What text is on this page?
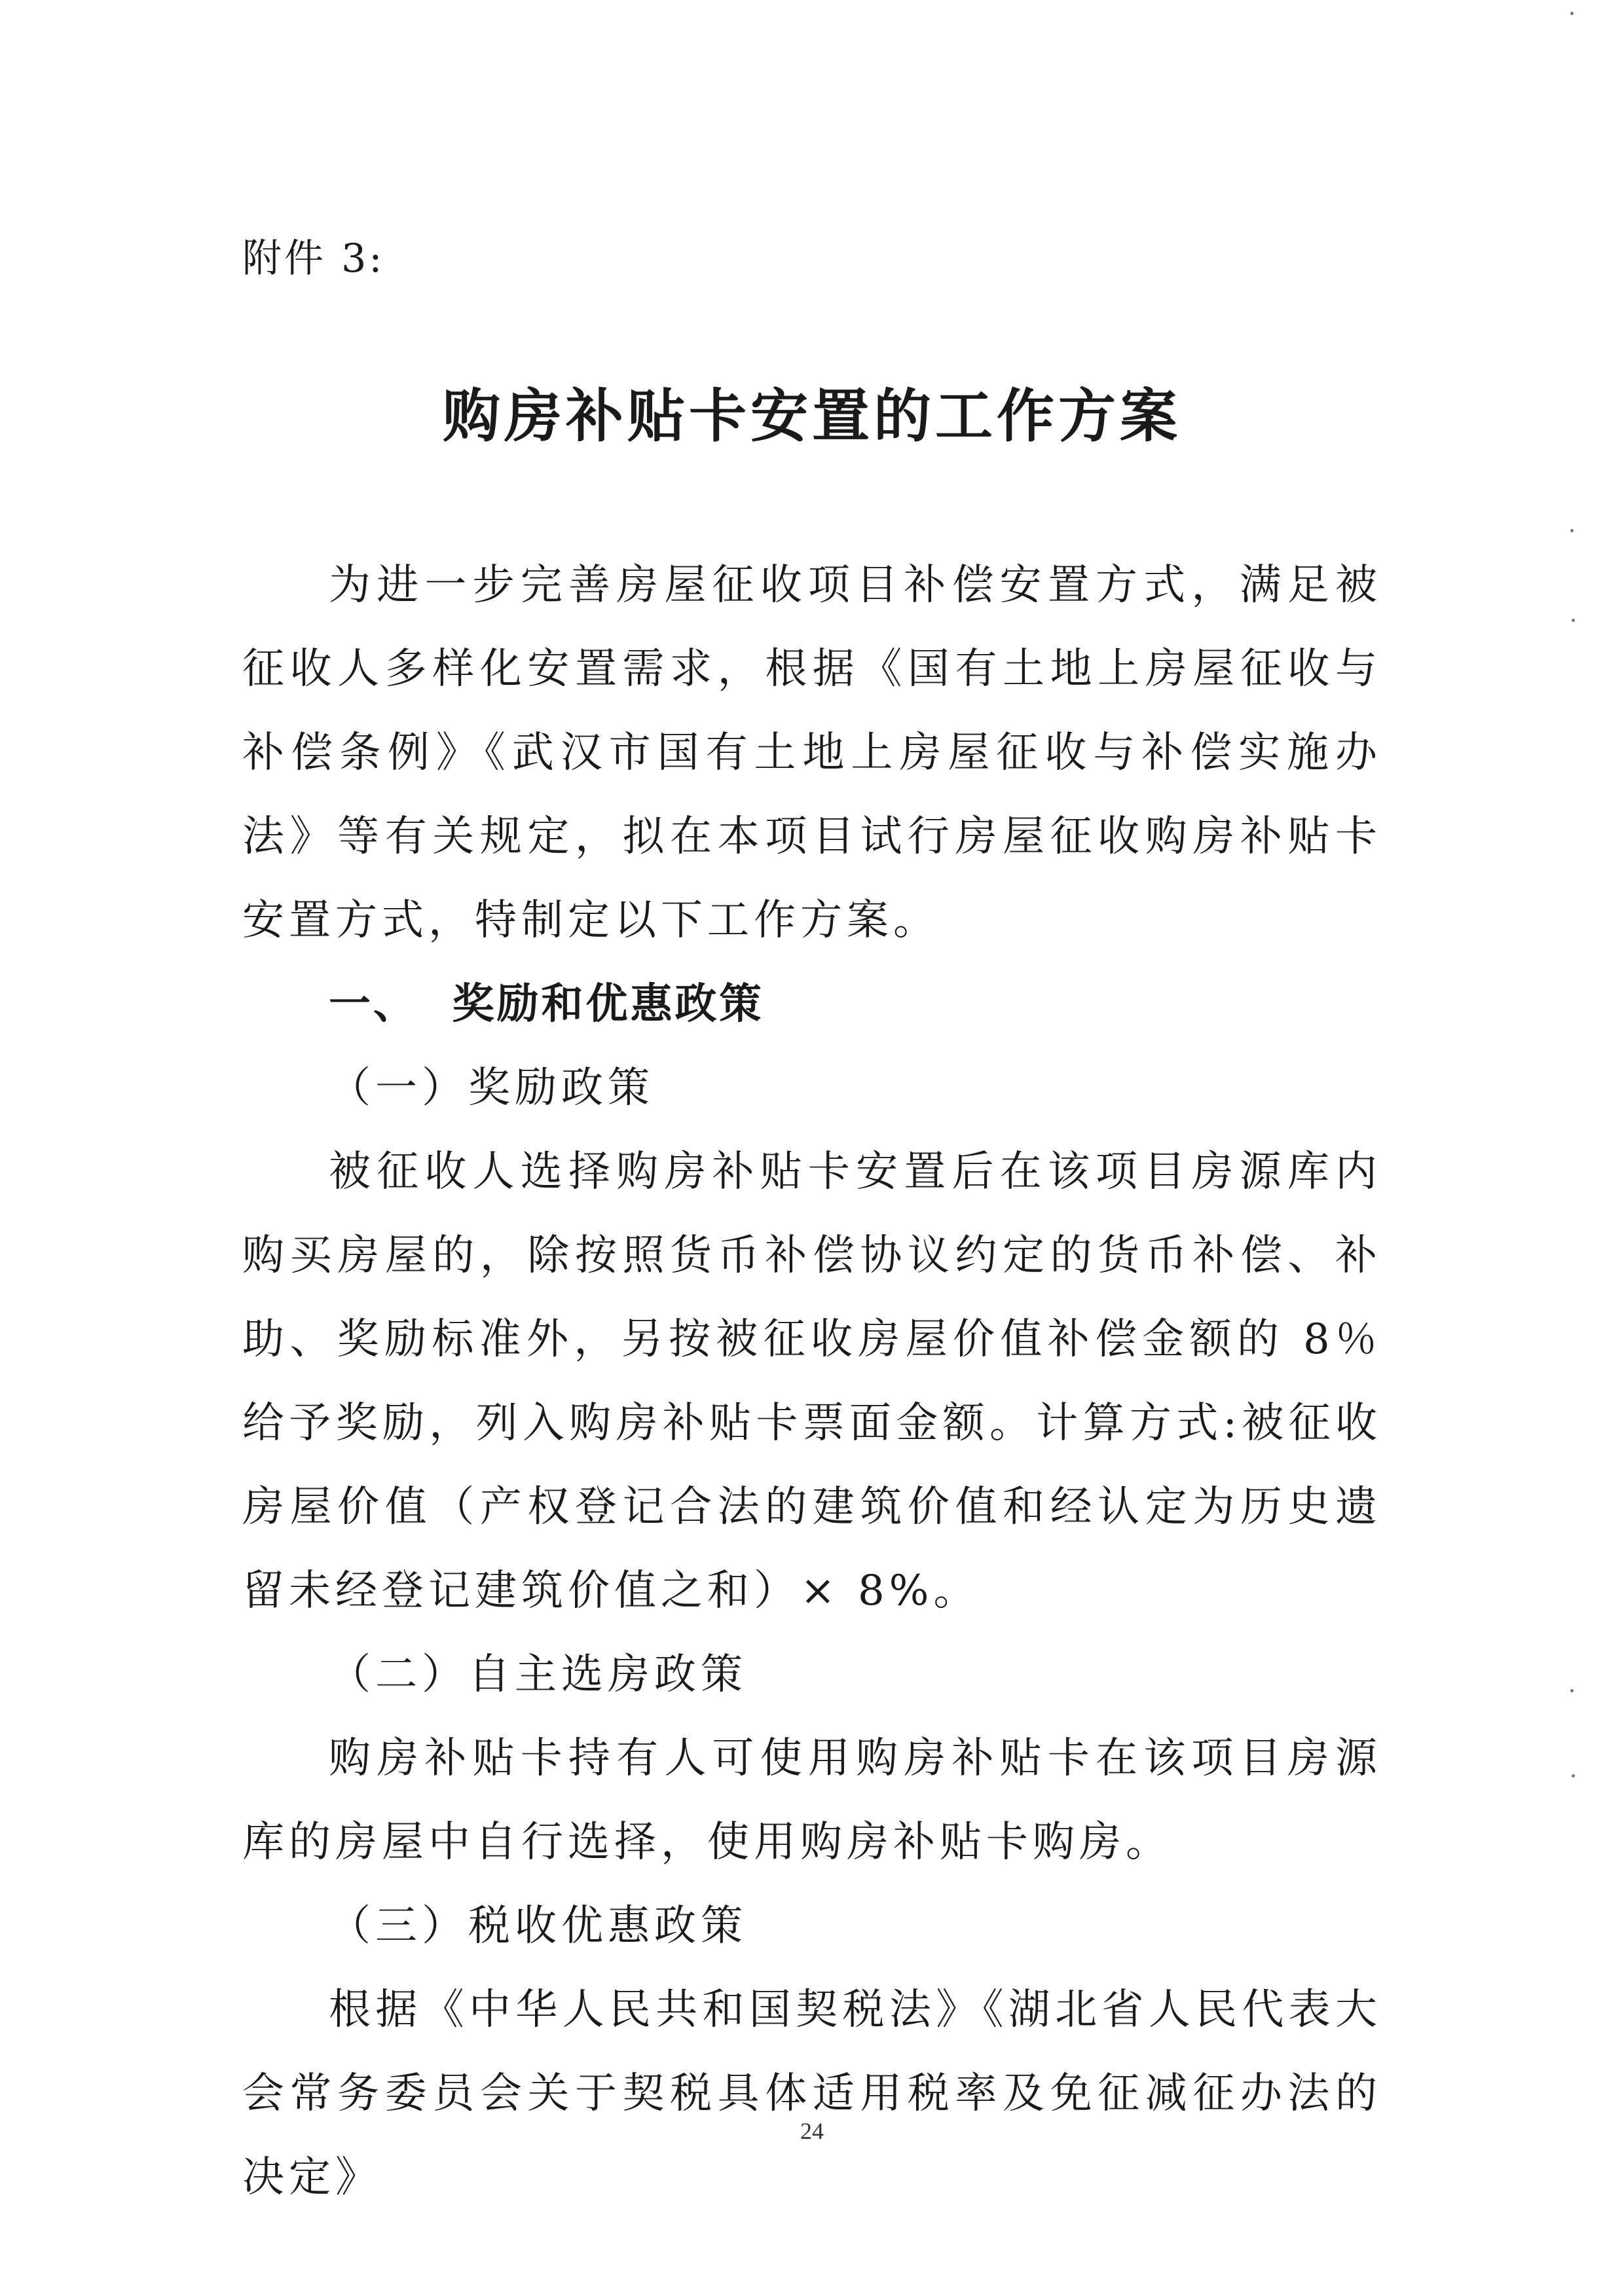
附件 3:
购房补贴卡安置的工作方案

为进一步完善房屋征收项目补偿安置方式，满足被征收人多样化安置需求，根据《国有土地上房屋征收与补偿条例》《武汉市国有土地上房屋征收与补偿实施办法》等有关规定，拟在本项目试行房屋征收购房补贴卡安置方式，特制定以下工作方案。

一、  奖励和优惠政策

（一）奖励政策

被征收人选择购房补贴卡安置后在该项目房源库内购买房屋的，除按照货币补偿协议约定的货币补偿、补助、奖励标准外，另按被征收房屋价值补偿金额的 8％给予奖励，列入购房补贴卡票面金额。计算方式:被征收房屋价值（产权登记合法的建筑价值和经认定为历史遗留未经登记建筑价值之和）× 8%。

（二）自主选房政策

购房补贴卡持有人可使用购房补贴卡在该项目房源库的房屋中自行选择，使用购房补贴卡购房。

（三）税收优惠政策

根据《中华人民共和国契税法》《湖北省人民代表大会常务委员会关于契税具体适用税率及免征减征办法的决定》

24
